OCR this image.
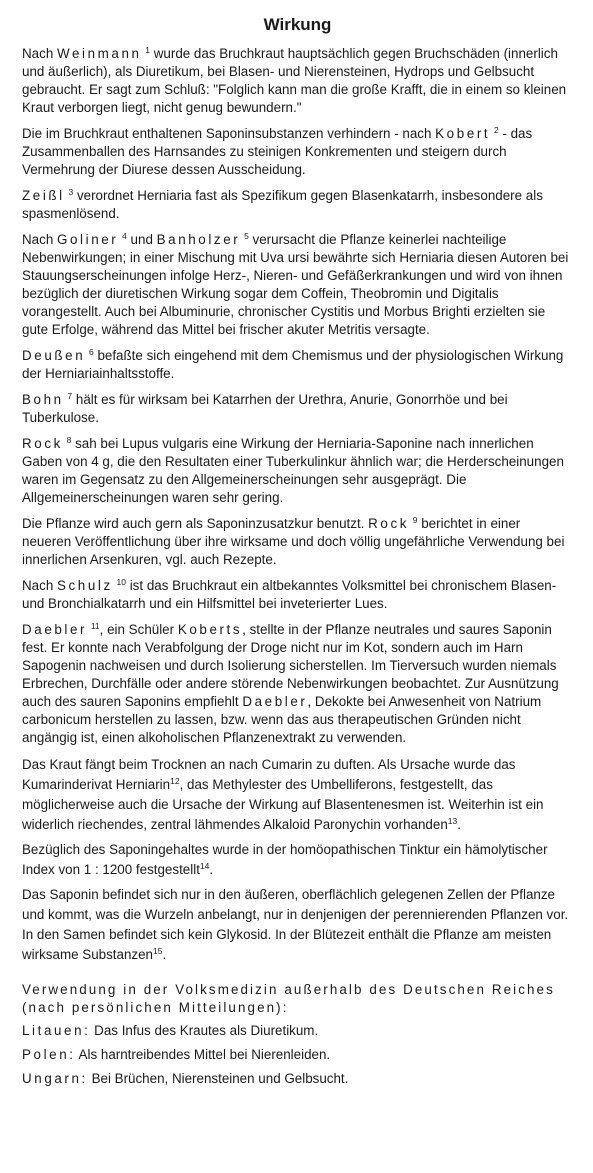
Wirkung

Nach Weinmann $^1$ wurde das Bruchkraut hauptsächlich gegen Bruchschäden (innerlich und äußerlich), als Diuretikum, bei Blasen- und Nierensteinen, Hydrops und Gelbsucht gebraucht. Er sagt zum Schluß: "Folglich kann man die große Krafft, die in einem so kleinen Kraut verborgen liegt, nicht genug bewundern."

Die im Bruchkraut enthaltenen Saponinsubstanzen verhindern - nach Kobert $^2$ - das Zusammenballen des Harnsandes zu steinigen Konkrementen und steigern durch Vermehrung der Diurese dessen Ausscheidung.

Zeißl $^3$ verordnet Herniaria fast als Spezifikum gegen Blasenkatarrh, insbesondere als spasmenlösend.

Nach Goliner $^4$ und Banholzer $^5$ verursacht die Pflanze keinerlei nachteilige Nebenwirkungen; in einer Mischung mit Uva ursi bewährte sich Herniaria diesen Autoren bei Stauungserscheinungen infolge Herz-, Nieren- und Gefäßerkrankungen und wird von ihnen bezüglich der diuretischen Wirkung sogar dem Coffein, Theobromin und Digitalis vorangestellt. Auch bei Albuminurie, chronischer Cystitis und Morbus Brighti erzielten sie gute Erfolge, während das Mittel bei frischer akuter Metritis versagte.

Deußen $^6$ befaßte sich eingehend mit dem Chemismus und der physiologischen Wirkung der Herniariainhaltsstoffe.

Bohn $^7$ hält es für wirksam bei Katarrhen der Urethra, Anurie, Gonorrhöe und bei Tuberkulose.

Rock $^8$ sah bei Lupus vulgaris eine Wirkung der Herniaria-Saponine nach innerlichen Gaben von 4 g, die den Resultaten einer Tuberkulinkur ähnlich war; die Herderscheinungen waren im Gegensatz zu den Allgemeinerscheinungen sehr ausgeprägt. Die Allgemeinerscheinungen waren sehr gering.

Die Pflanze wird auch gern als Saponinzusatzkur benutzt. Rock $^9$ berichtet in einer neueren Veröffentlichung über ihre wirksame und doch völlig ungefährliche Verwendung bei innerlichen Arsenkuren, vgl. auch Rezepte.

Nach Schulz $^{10}$ ist das Bruchkraut ein altbekanntes Volksmittel bei chronischem Blasen- und Bronchialkatarrh und ein Hilfsmittel bei inveterierter Lues.

Daebler $^{11}$, ein Schüler Koberts, stellte in der Pflanze neutrales und saures Saponin fest. Er konnte nach Verabfolgung der Droge nicht nur im Kot, sondern auch im Harn Sapogenin nachweisen und durch Isolierung sicherstellen. Im Tierversuch wurden niemals Erbrechen, Durchfälle oder andere störende Nebenwirkungen beobachtet. Zur Ausnützung auch des sauren Saponins empfiehlt Daebler, Dekokte bei Anwesenheit von Natrium carbonicum herstellen zu lassen, bzw. wenn das aus therapeutischen Gründen nicht angängig ist, einen alkoholischen Pflanzenextrakt zu verwenden.

Das Kraut fängt beim Trocknen an nach Cumarin zu duften. Als Ursache wurde das Kumarinderivat Herniarin$^{12}$, das Methylester des Umbelliferons, festgestellt, das möglicherweise auch die Ursache der Wirkung auf Blasentenesmen ist. Weiterhin ist ein widerlich riechendes, zentral lähmendes Alkaloid Paronychin vorhanden$^{13}$.

Bezüglich des Saponingehaltes wurde in der homöopathischen Tinktur ein hämolytischer Index von 1 : 1200 festgestellt$^{14}$.

Das Saponin befindet sich nur in den äußeren, oberflächlich gelegenen Zellen der Pflanze und kommt, was die Wurzeln anbelangt, nur in denjenigen der perennierenden Pflanzen vor. In den Samen befindet sich kein Glykosid. In der Blütezeit enthält die Pflanze am meisten wirksame Substanzen$^{15}$.

Verwendung in der Volksmedizin außerhalb des Deutschen Reiches (nach persönlichen Mitteilungen):

Litauen: Das Infus des Krautes als Diuretikum.

Polen: Als harntreibendes Mittel bei Nierenleiden.

Ungarn: Bei Brüchen, Nierensteinen und Gelbsucht.
